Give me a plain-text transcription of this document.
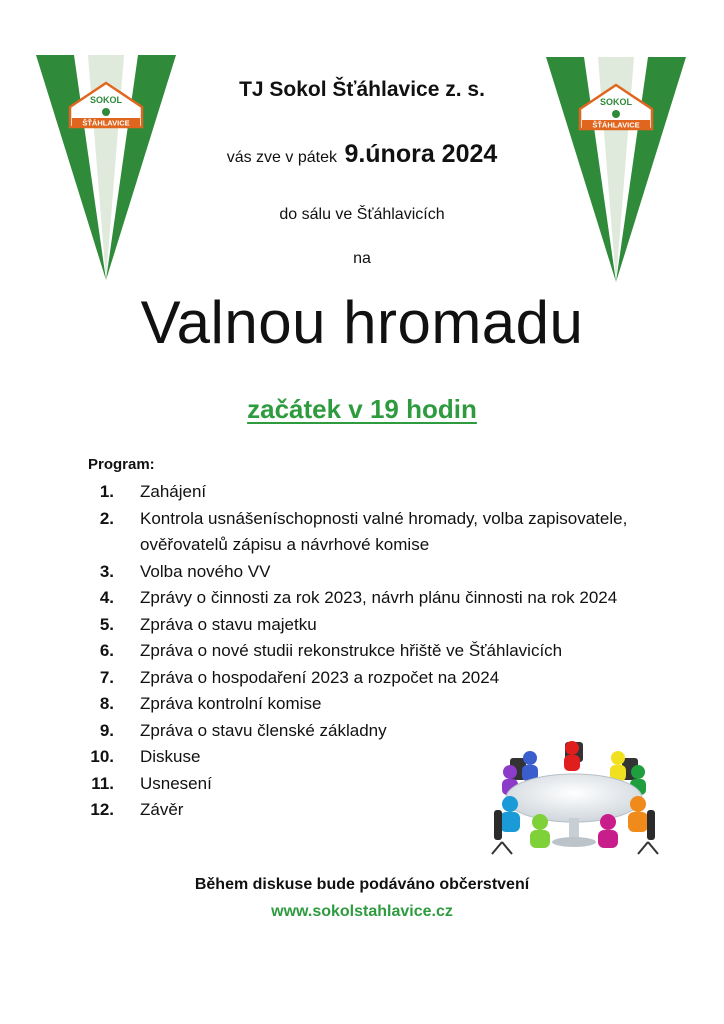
SOKOL
ŠŤÁHLAVICE
SOKOL
ŠŤÁHLAVICE
TJ Sokol Šťáhlavice z. s.
vás zve v pátek 9.února 2024
do sálu ve Šťáhlavicích
na
Valnou hromadu
začátek v 19 hodin
Program:
1. Zahájení
2. Kontrola usnášeníschopnosti valné hromady, volba zapisovatele, ověřovatelů zápisu a návrhové komise
3. Volba nového VV
4. Zprávy o činnosti za rok 2023, návrh plánu činnosti na rok 2024
5. Zpráva o stavu majetku
6. Zpráva o nové studii rekonstrukce hřiště ve Šťáhlavicích
7. Zpráva o hospodaření 2023 a rozpočet na 2024
8. Zpráva kontrolní komise
9. Zpráva o stavu členské základny
10. Diskuse
11. Usnesení
12. Závěr
Během diskuse bude podáváno občerstvení
www.sokolstahlavice.cz
